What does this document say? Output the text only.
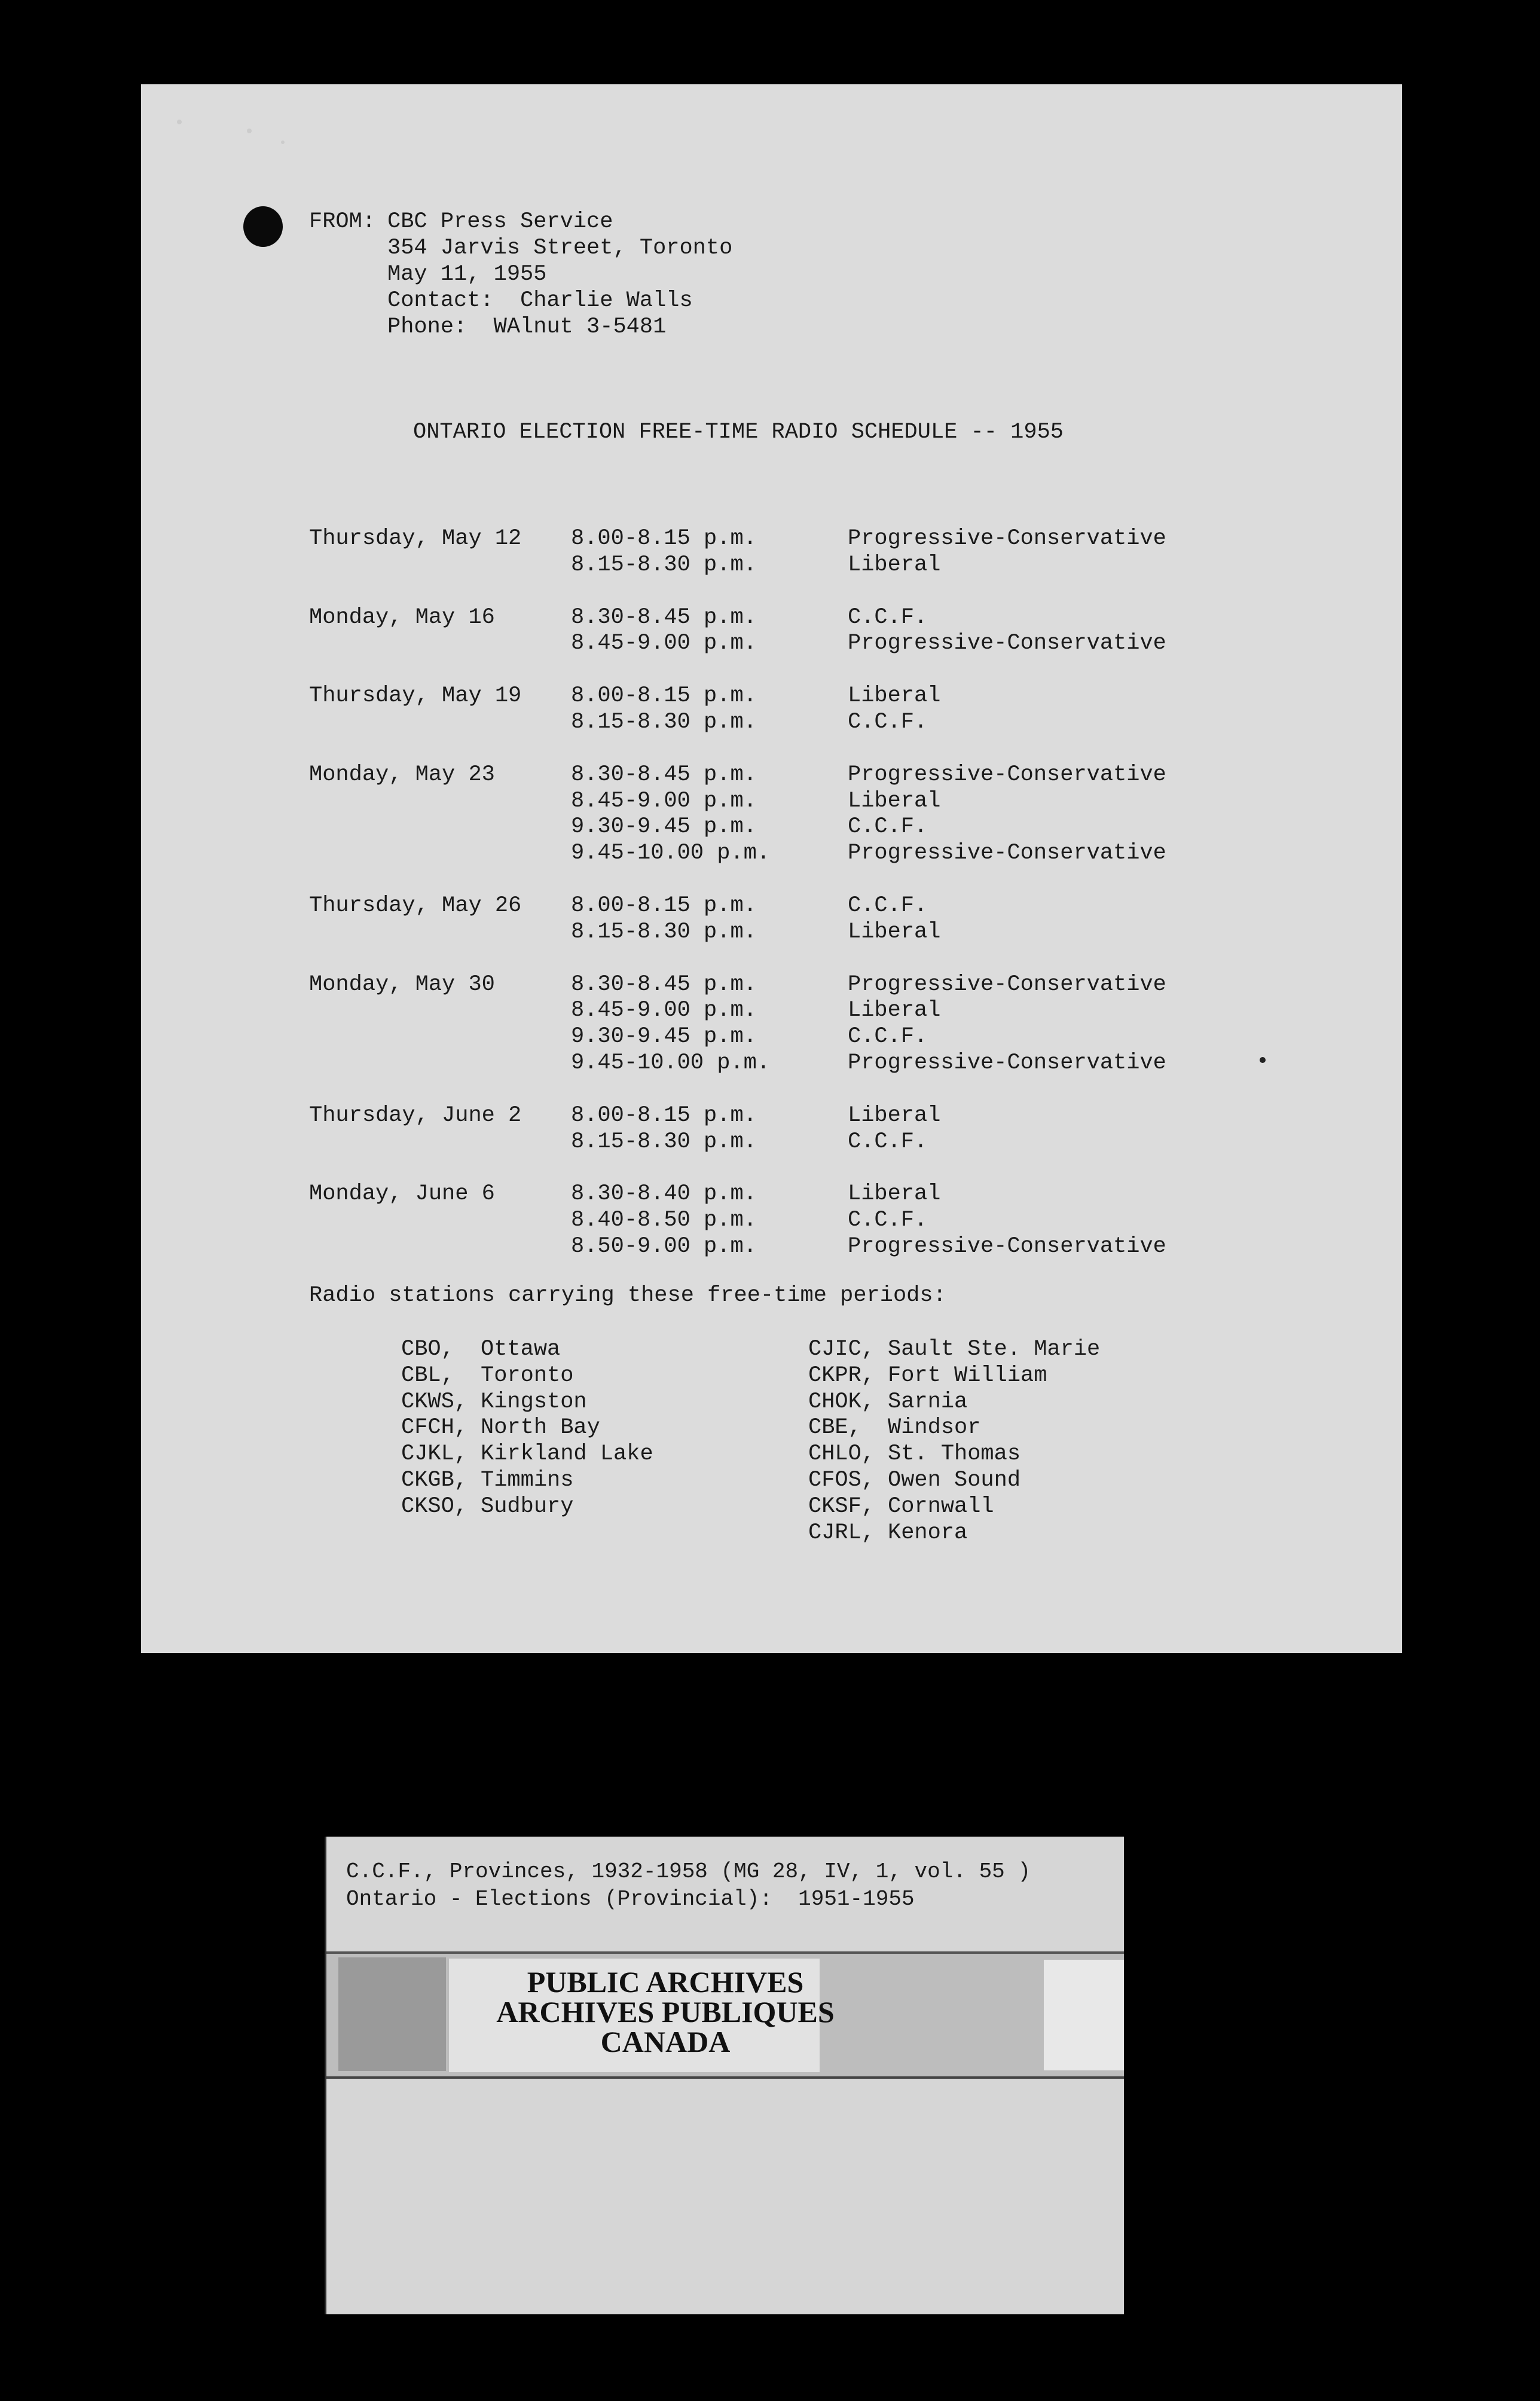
FROM: CBC Press Service
354 Jarvis Street, Toronto
May 11, 1955
Contact:  Charlie Walls
Phone:  WAlnut 3-5481
ONTARIO ELECTION FREE-TIME RADIO SCHEDULE -- 1955
Thursday, May 12 8.00-8.15 p.m.	Progressive-Conservative
8.15-8.30 p.m.	Liberal
Monday, May 16	8.30-8.45 p.m.	C.C.F.
8.45-9.00 p.m.	Progressive-Conservative
Thursday, May 19 8.00-8.15 p.m.	Liberal
8.15-8.30 p.m.	C.C.F.
Monday, May 23	8.30-8.45 p.m.	Progressive-Conservative
8.45-9.00 p.m.	Liberal
9.30-9.45 p.m.	C.C.F.
9.45-10.00 p.m.	Progressive-Conservative
Thursday, May 26 8.00-8.15 p.m.	C.C.F.
8.15-8.30 p.m.	Liberal
Monday, May 30	8.30-8.45 p.m.	Progressive-Conservative
8.45-9.00 p.m.	Liberal
9.30-9.45 p.m.	C.C.F.
9.45-10.00 p.m.	Progressive-Conservative
Thursday, June 2 8.00-8.15 p.m.	Liberal
8.15-8.30 p.m.	C.C.F.
Monday, June 6	8.30-8.40 p.m.	Liberal
8.40-8.50 p.m.	C.C.F.
8.50-9.00 p.m.	Progressive-Conservative
Radio stations carrying these free-time periods:
CBO, Ottawa
CBL, Toronto
CKWS, Kingston
CFCH, North Bay
CJKL, Kirkland Lake
CKGB, Timmins
CKSO, Sudbury
CJIC, Sault Ste. Marie
CKPR, Fort William
CHOK, Sarnia
CBE, Windsor
CHLO, St. Thomas
CFOS, Owen Sound
CKSF, Cornwall
CJRL, Kenora
C.C.F., Provinces, 1932-1958 (MG 28, IV, 1, vol. 55 )
Ontario - Elections (Provincial):  1951-1955
PUBLIC ARCHIVES
ARCHIVES PUBLIQUES
CANADA
